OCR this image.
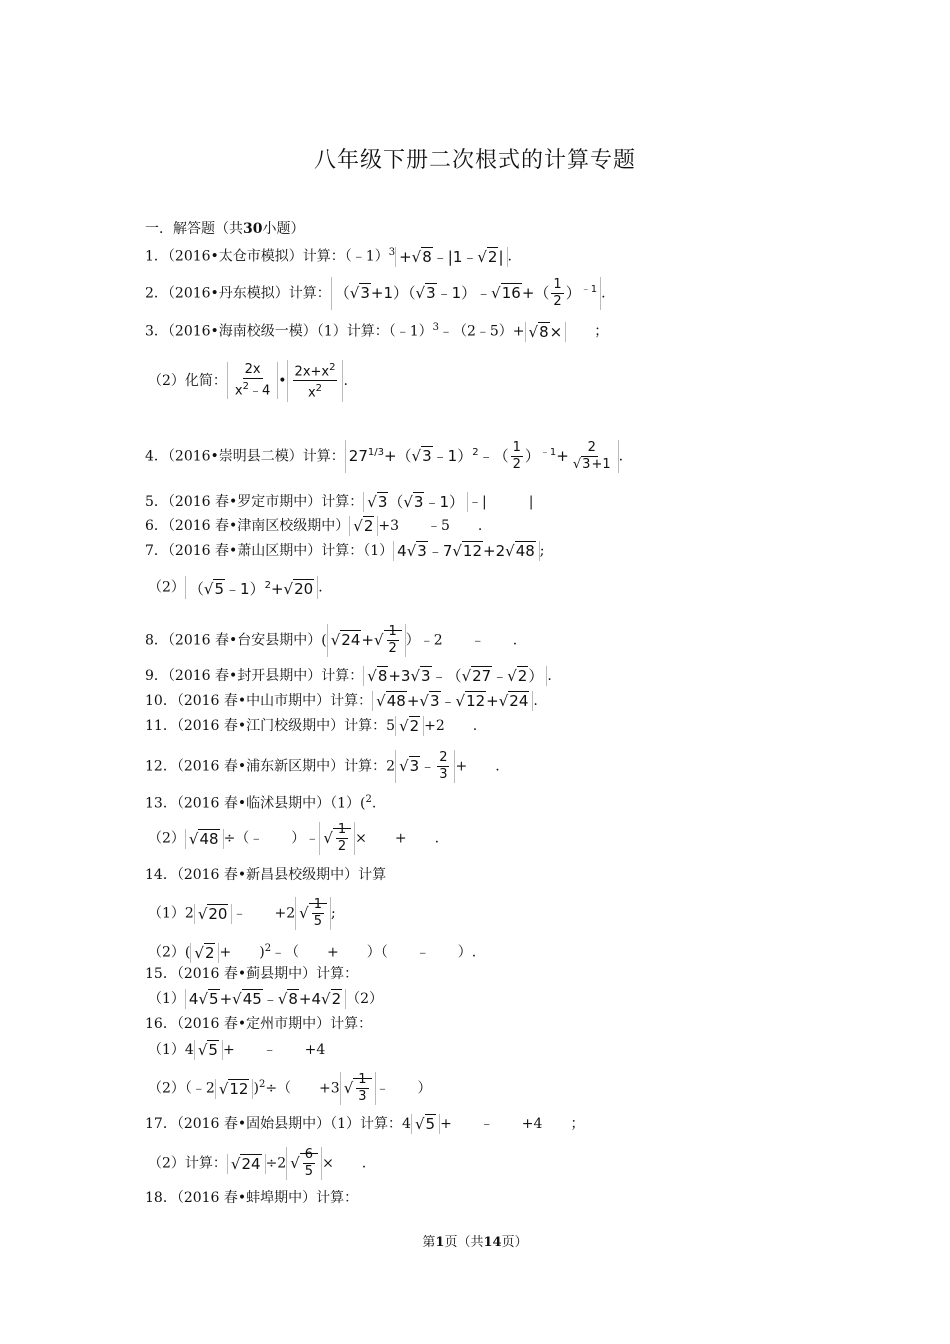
八年级下册二次根式的计算专题
一．解答题（共30小题）
1．（2016•太仓市模拟）计算：（﹣1）$^3$ +√8﹣|1﹣√2| .
2．（2016•丹东模拟）计算： （√3+1）（√3﹣1）﹣√16+（ $\frac{1}{2} )^{﹣1}$ .
3．（2016•海南校级一模）（1）计算：（﹣1）$^3$﹣（2﹣5）+ √8×　　 ；
（2）化简： $\frac{2x}{x^2﹣4}$ • $\frac{2x+x^2}{x^2}$ .
4．（2016•崇明县二模）计算： $27^{1/3}+(√3﹣1)^2﹣( \frac{1}{2} )^{﹣1}+ \frac{2}{√3+1}$ .
5．（2016 春•罗定市期中）计算： √3（√3﹣1） ﹣|　　　|
6．（2016 春•津南区校级期中） √2 +3　　﹣5　　.
7．（2016 春•萧山区期中）计算：（1） 4√3﹣7√12+2√48 ;
（2） （√5﹣1）$^2$+√20 .
8．（2016 春•台安县期中）( $√24+√ \frac{1}{2}$ ）﹣2　　﹣　　.
9．（2016 春•封开县期中）计算： √8+3√3﹣（√27﹣√2） .
10．（2016 春•中山市期中）计算： √48+√3﹣√12+√24 .
11．（2016 春•江门校级期中）计算：5 √2 +2　　.
12．（2016 春•浦东新区期中）计算：2 √3﹣ $\frac{2}{3}$ +　　.
13．（2016 春•临沭县期中）（1）($^2$.
（2） √48 ÷（﹣　　）﹣ √ $\frac{1}{2}$ ×　　+　　.
14．（2016 春•新昌县校级期中）计算
（1）2 √20 ﹣　　+2 √ $\frac{1}{5}$ ;
（2）( √2 +　　)$^2$﹣（　　+　　）（　　﹣　　）.
15．（2016 春•蓟县期中）计算：
（1） 4√5+√45﹣√8+4√2 （2）
16．（2016 春•定州市期中）计算：
（1）4 √5 +　　﹣　　+4
（2）（﹣2 √12 )$^2$÷（　　+3 √ $\frac{1}{3}$ ﹣　　）
17．（2016 春•固始县期中）（1）计算：4 √5 +　　﹣　　+4　　；
（2）计算： √24 ÷2 √ $\frac{6}{5}$ ×　　.
18．（2016 春•蚌埠期中）计算：
第1页（共14页）
